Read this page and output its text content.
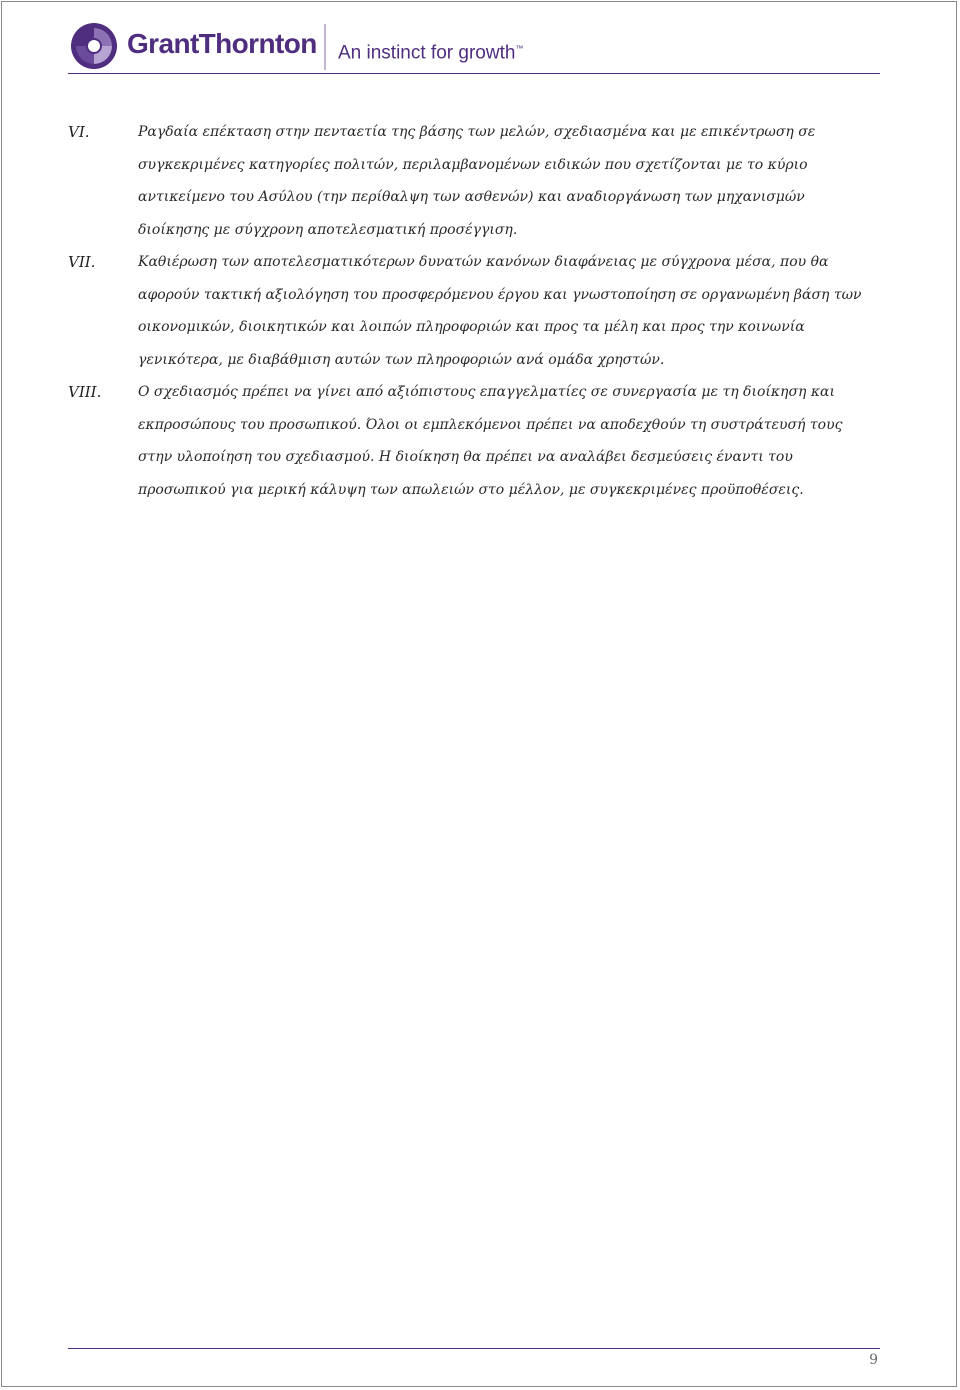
GrantThornton An instinct for growth™
VI.	Ραγδαία επέκταση στην πενταετία της βάσης των μελών, σχεδιασμένα και με επικέντρωση σε συγκεκριμένες κατηγορίες πολιτών, περιλαμβανομένων ειδικών που σχετίζονται με το κύριο αντικείμενο του Ασύλου (την περίθαλψη των ασθενών) και αναδιοργάνωση των μηχανισμών διοίκησης με σύγχρονη αποτελεσματική προσέγγιση.
VII.	Καθιέρωση των αποτελεσματικότερων δυνατών κανόνων διαφάνειας με σύγχρονα μέσα, που θα αφορούν τακτική αξιολόγηση του προσφερόμενου έργου και γνωστοποίηση σε οργανωμένη βάση των οικονομικών, διοικητικών και λοιπών πληροφοριών και προς τα μέλη και προς την κοινωνία γενικότερα, με διαβάθμιση αυτών των πληροφοριών ανά ομάδα χρηστών.
VIII.	Ο σχεδιασμός πρέπει να γίνει από αξιόπιστους επαγγελματίες σε συνεργασία με τη διοίκηση και εκπροσώπους του προσωπικού. Όλοι οι εμπλεκόμενοι πρέπει να αποδεχθούν τη συστράτευσή τους στην υλοποίηση του σχεδιασμού. Η διοίκηση θα πρέπει να αναλάβει δεσμεύσεις έναντι του προσωπικού για μερική κάλυψη των απωλειών στο μέλλον, με συγκεκριμένες προϋποθέσεις.
9
